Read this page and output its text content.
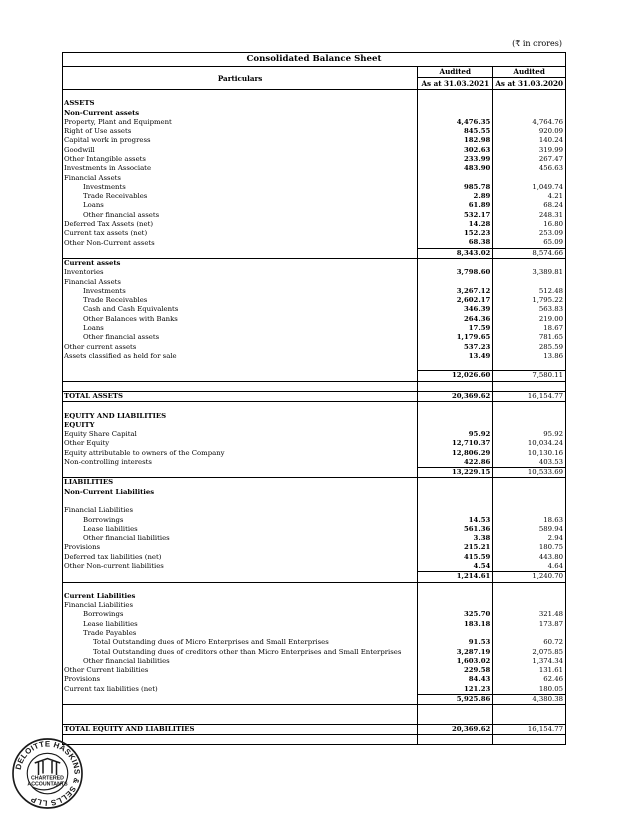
(₹ in crores)
Consolidated Balance Sheet
Particulars	Audited	Audited
	As at 31.03.2021	As at 31.03.2020

ASSETS		
Non-Current assets		
Property, Plant and Equipment	4,476.35	4,764.76
Right of Use assets	845.55	920.09
Capital work in progress	182.98	140.24
Goodwill	302.63	319.99
Other Intangible assets	233.99	267.47
Investments in Associate	483.90	456.63
Financial Assets		
Investments	985.78	1,049.74
Trade Receivables	2.89	4.21
Loans	61.89	68.24
Other financial assets	532.17	248.31
Deferred Tax Assets (net)	14.28	16.80
Current tax assets (net)	152.23	253.09
Other Non-Current assets	68.38	65.09
	8,343.02	8,574.66
Current assets		
Inventories	3,798.60	3,389.81
Financial Assets		
Investments	3,267.12	512.48
Trade Receivables	2,602.17	1,795.22
Cash and Cash Equivalents	346.39	563.83
Other Balances with Banks	264.36	219.00
Loans	17.59	18.67
Other financial assets	1,179.65	781.65
Other current assets	537.23	285.59
Assets classified as held for sale	13.49	13.86

	12,026.60	7,580.11

TOTAL ASSETS	20,369.62	16,154.77

EQUITY AND LIABILITIES		
EQUITY		
Equity Share Capital	95.92	95.92
Other Equity	12,710.37	10,034.24
Equity attributable to owners of the Company	12,806.29	10,130.16
Non-controlling interests	422.86	403.53
	13,229.15	10,533.69
LIABILITIES		
Non-Current Liabilities		

Financial Liabilities		
Borrowings	14.53	18.63
Lease liabilities	561.36	589.94
Other financial liabilities	3.38	2.94
Provisions	215.21	180.75
Deferred tax liabilities (net)	415.59	443.80
Other Non-current liabilities	4.54	4.64
	1,214.61	1,240.70

Current Liabilities		
Financial Liabilities		
Borrowings	325.70	321.48
Lease liabilities	183.18	173.87
Trade Payables		
Total Outstanding dues of Micro Enterprises and Small Enterprises	91.53	60.72
Total Outstanding dues of creditors other than Micro Enterprises and Small Enterprises	3,287.19	2,075.85
Other financial liabilities	1,603.02	1,374.34
Other Current liabilities	229.58	131.61
Provisions	84.43	62.46
Current tax liabilities (net)	121.23	180.05
	5,925.86	4,380.38

TOTAL EQUITY AND LIABILITIES	20,369.62	16,154.77

DELOITTE HASKINS & SELLS LLP
CHARTERED ACCOUNTANTS
